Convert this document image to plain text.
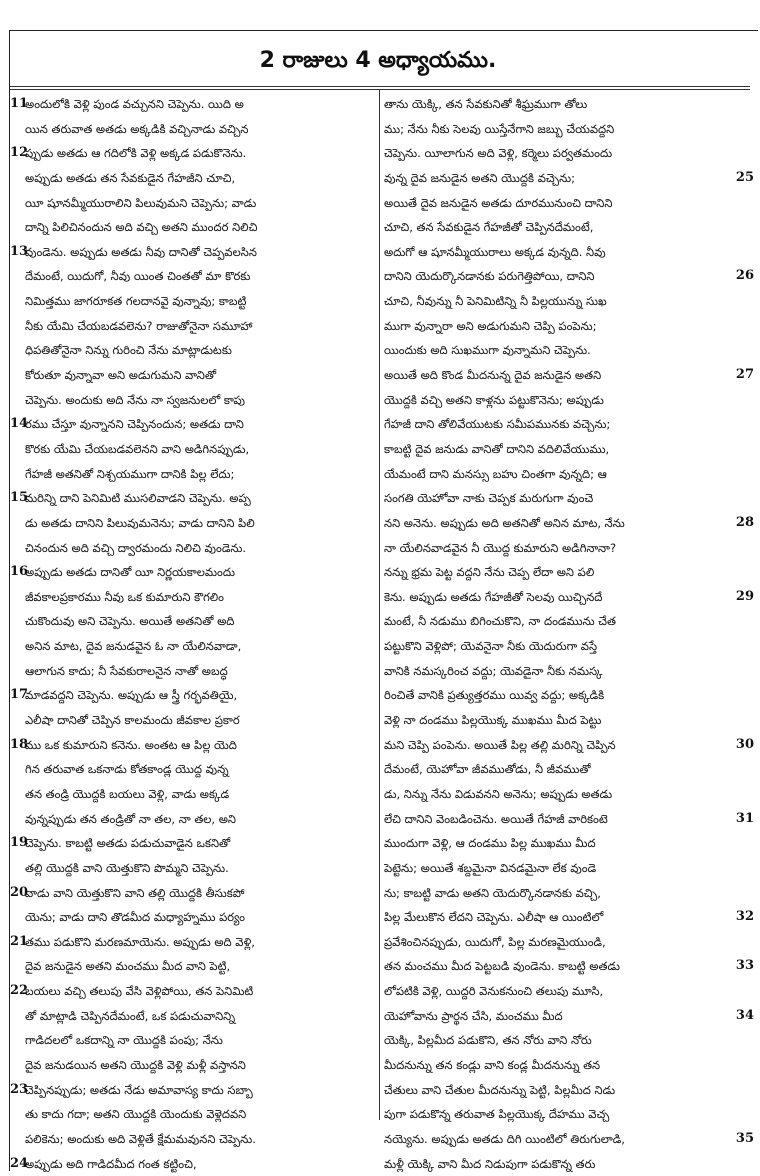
2 రాజులు 4 అధ్యాయము.
11
అందులోకి వెళ్లి పుండ వచ్చునని చెప్పెను. యిది అ
యిన తరువాత అతడు అక్కడికి వచ్చినాడు వచ్చిన
12
ప్పుడు అతడు ఆ గదిలోకి వెళ్లి అక్కడ పడుకొనెను.
అప్పుడు అతడు తన సేవకుడైన గేహజీని చూచి,
యీ షూనమ్మీయురాలిని పిలువుమని చెప్పెను; వాడు
దాన్ని పిలిచినందున అది వచ్చి అతని ముందర నిలిచి
13
వుండెను. అప్పుడు అతడు నీవు దానితో చెప్పవలసిన
దేమంటే, యిదుగో, నీవు యింత చింతతో మా కొరకు
నిమిత్తము జాగరూకత గలదానవై వున్నావు; కాబట్టి
నీకు యేమి చేయబడవలెను? రాజుతోనైనా సమూహా
ధిపతితోనైనా నిన్ను గురించి నేను మాట్లాడుటకు
కోరుతూ వున్నావా అని అడుగుమని వానితో
చెప్పెను. అందుకు అది నేను నా స్వజనులలో కాపు
14
రము చేస్తూ వున్నానని చెప్పినందున; అతడు దాని
కొరకు యేమి చేయబడవలెనని వాని అడిగినప్పుడు,
గేహజీ అతనితో నిశ్చయముగా దానికి పిల్ల లేదు;
15
మరిన్ని దాని పెనిమిటి ముసలివాడని చెప్పెను. అప్ప
డు అతడు దానిని పిలువుమనెను; వాడు దానిని పిలి
చినందున అది వచ్చి ద్వారమందు నిలిచి వుండెను.
16
అప్పుడు అతడు దానితో యీ నిర్ణయకాలమందు
జీవకాలప్రకారము నీవు ఒక కుమారుని కౌగలిం
చుకొందువు అని చెప్పెను. అయితే అతనితో అది
అనిన మాట, దైవ జనుడవైన ఓ నా యేలినవాడా,
ఆలాగున కాదు; నీ సేవకురాలనైన నాతో అబద్ధ
17
మాడవద్దని చెప్పెను. అప్పుడు ఆ స్త్రీ గర్భవతియై,
ఎలీషా దానితో చెప్పిన కాలమందు జీవకాల ప్రకార
18
ము ఒక కుమారుని కనెను. అంతట ఆ పిల్ల యెది
గిన తరువాత ఒకనాడు కోతకాండ్ల యొద్ద వున్న
తన తండ్రి యొద్దకి బయలు వెళ్లి, వాడు అక్కడ
వున్నప్పుడు తన తండ్రితో నా తల, నా తల, అని
19
చెప్పెను. కాబట్టి అతడు పడుచువాడైన ఒకనితో
తల్లి యొద్దకి వాని యెత్తుకొని పొమ్మని చెప్పెను.
20
వాడు వాని యెత్తుకొని వాని తల్లి యొద్దకి తీసుకపో
యెను; వాడు దాని తొడమీద మధ్యాహ్నము పర్యం
21
తము పడుకొని మరణమాయెను. అప్పుడు అది వెళ్లి,
దైవ జనుడైన అతని మంచము మీద వాని పెట్టి,
22
బయలు వచ్చి తలుపు వేసి వెళ్లిపోయి, తన పెనిమిటి
తో మాట్లాడి చెప్పినదేమంటే, ఒక పడుచువానిన్ని
గాడిదలలో ఒకదాన్ని నా యొద్దకి పంపు; నేను
దైవ జనుడయిన అతని యొద్దకి వెళ్లి మళ్లీ వస్తానని
23
చెప్పినప్పుడు; అతడు నేడు అమావాస్య కాదు సబ్బా
తు కాదు గదా; అతని యొద్దకి యెందుకు వెళ్లెదవని
పలికెను; అందుకు అది వెళ్లితే క్షేమమవునని చెప్పెను.
24
అప్పుడు అది గాడిదమీద గంత కట్టించి,
తాను యెక్కి, తన సేవకునితో శీఘ్రముగా తోలు
ము; నేను నీకు సెలవు యిస్తేనేగాని జబ్బు చేయవద్దని
చెప్పెను. యీలాగున అది వెళ్లి, కర్మెలు పర్వతమందు
25
వున్న దైవ జనుడైన అతని యొద్దకి వచ్చెను;
అయితే దైవ జనుడైన అతడు దూరమునుంచి దానిని
చూచి, తన సేవకుడైన గేహజీతో చెప్పినదేమంటే,
అదుగో ఆ షూనమ్మీయురాలు అక్కడ వున్నది. నీవు
26
దానిని యెదుర్కొనడానకు పరుగెత్తిపోయి, దానిని
చూచి, నీవున్ను నీ పెనిమిటిన్ని నీ పిల్లయున్ను సుఖ
ముగా వున్నారా అని అడుగుమని చెప్పి పంపెను;
యిందుకు అది సుఖముగా వున్నామని చెప్పెను.
27
అయితే అది కొండ మీదనున్న దైవ జనుడైన అతని
యొద్దకి వచ్చి అతని కాళ్లను పట్టుకొనెను; అప్పుడు
గేహజీ దాని తోలివేయుటకు సమీపమునకు వచ్చెను;
కాబట్టి దైవ జనుడు వానితో దానిని వదిలివేయుము,
యేమంటే దాని మనస్సు బహు చింతగా వున్నది; ఆ
సంగతి యెహోవా నాకు చెప్పక మరుగుగా వుంచె
28
నని అనెను. అప్పుడు అది అతనితో అనిన మాట, నేను
నా యేలినవాడవైన నీ యొద్ద కుమారుని అడిగినానా?
నన్ను భ్రమ పెట్ట వద్దని నేను చెప్ప లేదా అని పలి
29
కెను. అప్పుడు అతడు గేహజీతో సెలవు యిచ్చినదే
మంటే, నీ నడుము బిగించుకొని, నా దండమును చేత
పట్టుకొని వెళ్లిపో; యెవనైనా నీకు యెదురుగా వస్తే
వానికి నమస్కరించ వద్దు; యెవడైనా నీకు నమస్క
రించితే వానికి ప్రత్యుత్తరము యివ్వ వద్దు; అక్కడికి
వెళ్లి నా దండము పిల్లయొక్క ముఖము మీద పెట్టు
30
మని చెప్పి పంపెను. అయితే పిల్ల తల్లి మరిన్ని చెప్పిన
దేమంటే, యెహోవా జీవముతోడు, నీ జీవముతో
డు, నిన్ను నేను విడువనని అనెను; అప్పుడు అతడు
31
లేచి దానిని వెంబడించెను. అయితే గేహజీ వారికంటె
ముందుగా వెళ్లి, ఆ దండము పిల్ల ముఖము మీద
పెట్టెను; అయితే శబ్దమైనా వినడమైనా లేక వుండె
ను; కాబట్టి వాడు అతని యెదుర్కొనడానకు వచ్చి,
32
పిల్ల మేలుకొన లేదని చెప్పెను. ఎలీషా ఆ యింటిలో
ప్రవేశించినప్పుడు, యిదుగో, పిల్ల మరణమైయుండి,
33
తన మంచము మీద పెట్టబడి వుండెను. కాబట్టి అతడు
లోపటికి వెళ్లి, యిద్దరి వెనుకనుంచి తలుపు మూసి,
34
యెహోవాను ప్రార్థన చేసి, మంచము మీద
యెక్కి, పిల్లమీద పడుకొని, తన నోరు వాని నోరు
మీదనున్ను తన కండ్లు వాని కండ్ల మీదనున్ను తన
చేతులు వాని చేతుల మీదనున్ను పెట్టి, పిల్లమీద నిడు
పుగా పడుకొన్న తరువాత పిల్లయొక్క దేహము వెచ్చ
35
నయ్యెను. అప్పుడు అతడు దిగి యింటిలో తిరుగులాడి,
మళ్లీ యెక్కి వాని మీద నిడుపుగా పడుకొన్న తరు
